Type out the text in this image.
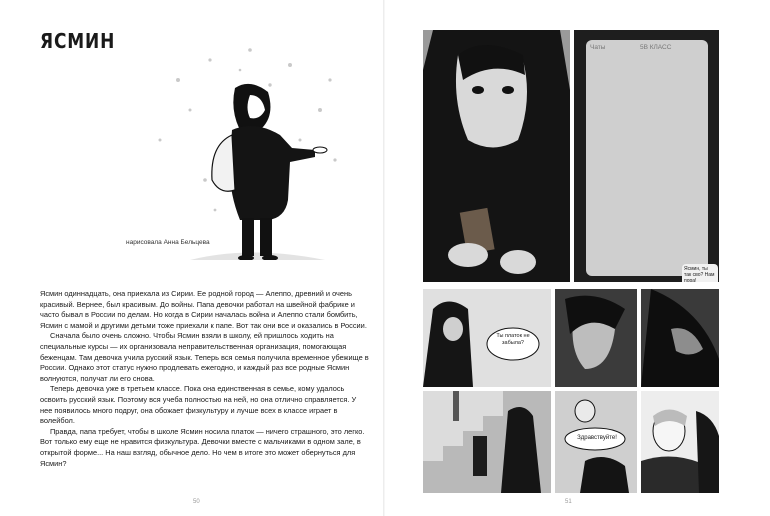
ЯСМИН
нарисовала Анна Бельцева

Ясмин одиннадцать, она приехала из Сирии. Ее родной город — Алеппо, древний и очень красивый. Вернее, был красивым. До войны. Папа девочки работал на швейной фабрике и часто бывал в России по делам. Но когда в Сирии началась война и Алеппо стали бомбить, Ясмин с мамой и другими детьми тоже приехали к папе. Вот так они все и оказались в России.

Сначала было очень сложно. Чтобы Ясмин взяли в школу, ей пришлось ходить на специальные курсы — их организовала неправительственная организация, помогающая беженцам. Там девочка учила русский язык. Теперь вся семья получила временное убежище в России. Однако этот статус нужно продлевать ежегодно, и каждый раз все родные Ясмин волнуются, получат ли его снова.

Теперь девочка уже в третьем классе. Пока она единственная в семье, кому удалось освоить русский язык. Поэтому вся учеба полностью на ней, но она отлично справляется. У нее появилось много подруг, она обожает физкультуру и лучше всех в классе играет в волейбол.

Правда, папа требует, чтобы в школе Ясмин носила платок — ничего страшного, это легко. Вот только ему еще не нравится физкультура. Девочки вместе с мальчиками в одном зале, в открытой форме... На наш взгляд, обычное дело. Но чем в итоге это может обернуться для Ясмин?

50
Чаты	5В КЛАСС
Ясмин, ты так сво? Нам пора!
Ты платок не забыла?
Здравствуйте!
51
